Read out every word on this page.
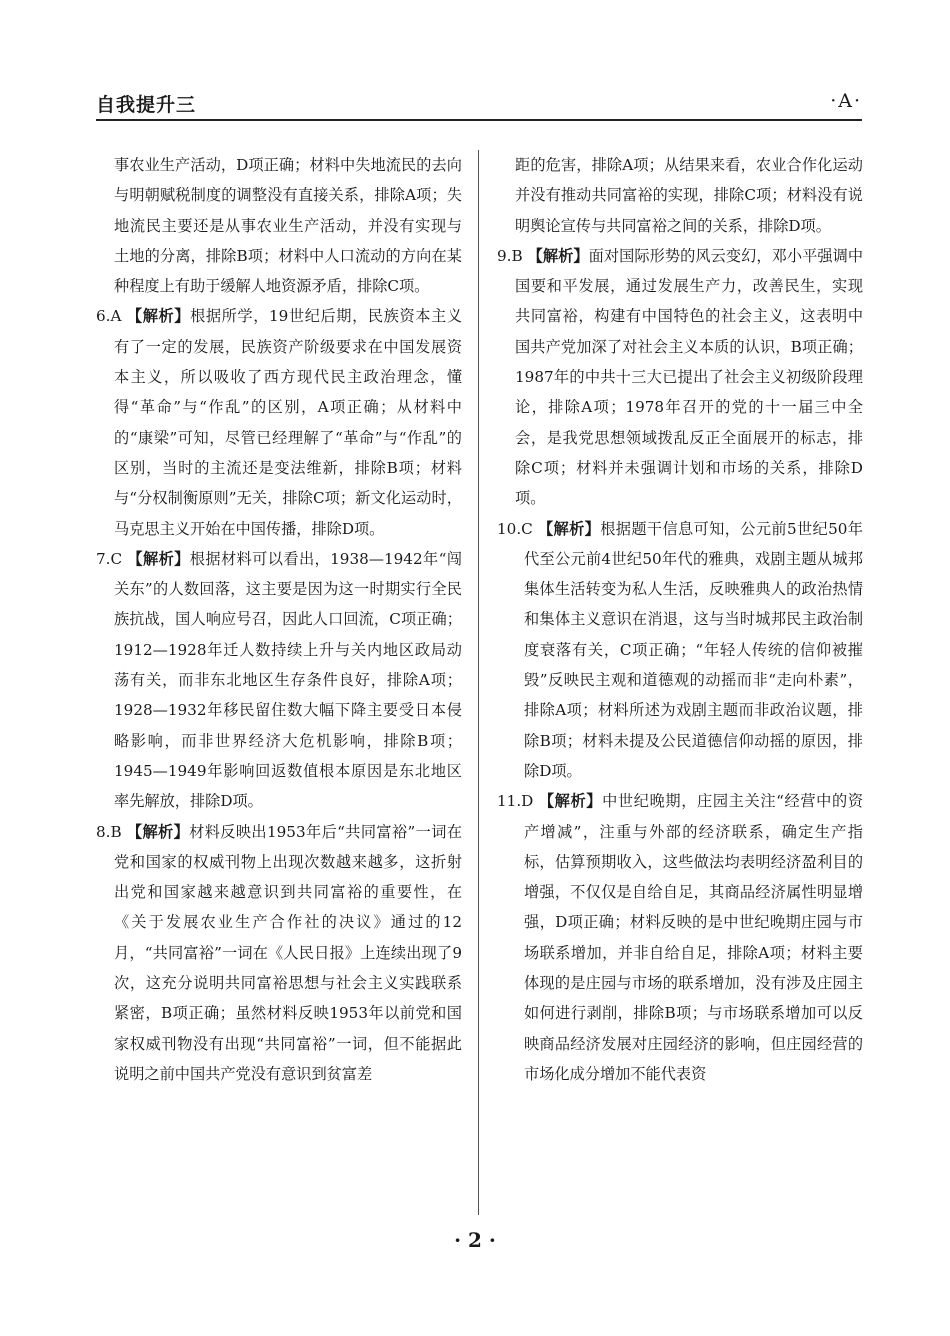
自我提升三	·A·

事农业生产活动，D项正确；材料中失地流民的去向与明朝赋税制度的调整没有直接关系，排除A项；失地流民主要还是从事农业生产活动，并没有实现与土地的分离，排除B项；材料中人口流动的方向在某种程度上有助于缓解人地资源矛盾，排除C项。

6.A 【解析】根据所学，19世纪后期，民族资本主义有了一定的发展，民族资产阶级要求在中国发展资本主义，所以吸收了西方现代民主政治理念，懂得“革命”与“作乱”的区别，A项正确；从材料中的“康梁”可知，尽管已经理解了“革命”与“作乱”的区别，当时的主流还是变法维新，排除B项；材料与“分权制衡原则”无关，排除C项；新文化运动时，马克思主义开始在中国传播，排除D项。

7.C 【解析】根据材料可以看出，1938—1942年“闯关东”的人数回落，这主要是因为这一时期实行全民族抗战，国人响应号召，因此人口回流，C项正确；1912—1928年迁人数持续上升与关内地区政局动荡有关，而非东北地区生存条件良好，排除A项；1928—1932年移民留住数大幅下降主要受日本侵略影响，而非世界经济大危机影响，排除B项；1945—1949年影响回返数值根本原因是东北地区率先解放，排除D项。

8.B 【解析】材料反映出1953年后“共同富裕”一词在党和国家的权威刊物上出现次数越来越多，这折射出党和国家越来越意识到共同富裕的重要性，在《关于发展农业生产合作社的决议》通过的12月，“共同富裕”一词在《人民日报》上连续出现了9次，这充分说明共同富裕思想与社会主义实践联系紧密，B项正确；虽然材料反映1953年以前党和国家权威刊物没有出现“共同富裕”一词，但不能据此说明之前中国共产党没有意识到贫富差

距的危害，排除A项；从结果来看，农业合作化运动并没有推动共同富裕的实现，排除C项；材料没有说明舆论宣传与共同富裕之间的关系，排除D项。

9.B 【解析】面对国际形势的风云变幻，邓小平强调中国要和平发展，通过发展生产力，改善民生，实现共同富裕，构建有中国特色的社会主义，这表明中国共产党加深了对社会主义本质的认识，B项正确；1987年的中共十三大已提出了社会主义初级阶段理论，排除A项；1978年召开的党的十一届三中全会，是我党思想领域拨乱反正全面展开的标志，排除C项；材料并未强调计划和市场的关系，排除D项。

10.C 【解析】根据题干信息可知，公元前5世纪50年代至公元前4世纪50年代的雅典，戏剧主题从城邦集体生活转变为私人生活，反映雅典人的政治热情和集体主义意识在消退，这与当时城邦民主政治制度衰落有关，C项正确；“年轻人传统的信仰被摧毁”反映民主观和道德观的动摇而非“走向朴素”，排除A项；材料所述为戏剧主题而非政治议题，排除B项；材料未提及公民道德信仰动摇的原因，排除D项。

11.D 【解析】中世纪晚期，庄园主关注“经营中的资产增减”，注重与外部的经济联系，确定生产指标，估算预期收入，这些做法均表明经济盈利目的增强，不仅仅是自给自足，其商品经济属性明显增强，D项正确；材料反映的是中世纪晚期庄园与市场联系增加，并非自给自足，排除A项；材料主要体现的是庄园与市场的联系增加，没有涉及庄园主如何进行剥削，排除B项；与市场联系增加可以反映商品经济发展对庄园经济的影响，但庄园经营的市场化成分增加不能代表资

· 2 ·
